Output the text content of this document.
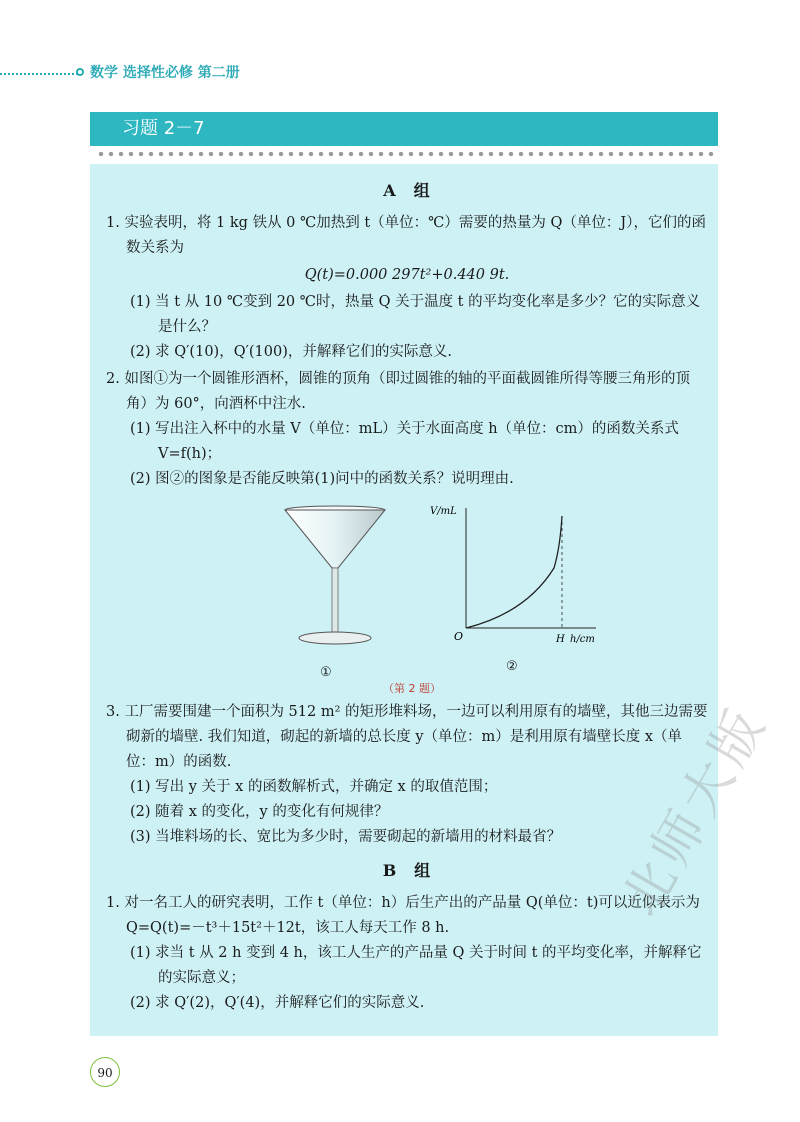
数学 选择性必修 第二册
习题 2－7
A　组
1. 实验表明，将 1 kg 铁从 0 ℃加热到 t（单位：℃）需要的热量为 Q（单位：J），它们的函数关系为
Q(t)=0.000 297t²+0.440 9t.
(1) 当 t 从 10 ℃变到 20 ℃时，热量 Q 关于温度 t 的平均变化率是多少？它的实际意义是什么？
(2) 求 Q′(10)，Q′(100)，并解释它们的实际意义.
2. 如图①为一个圆锥形酒杯，圆锥的顶角（即过圆锥的轴的平面截圆锥所得等腰三角形的顶角）为 60°，向酒杯中注水.
(1) 写出注入杯中的水量 V（单位：mL）关于水面高度 h（单位：cm）的函数关系式V=f(h)；
(2) 图②的图象是否能反映第(1)问中的函数关系？说明理由.
①
V/mL
O	H h/cm
②
（第 2 题）
3. 工厂需要围建一个面积为 512 m² 的矩形堆料场，一边可以利用原有的墙壁，其他三边需要砌新的墙壁. 我们知道，砌起的新墙的总长度 y（单位：m）是利用原有墙壁长度 x（单位：m）的函数.
(1) 写出 y 关于 x 的函数解析式，并确定 x 的取值范围；
(2) 随着 x 的变化，y 的变化有何规律？
(3) 当堆料场的长、宽比为多少时，需要砌起的新墙用的材料最省？
B　组
1. 对一名工人的研究表明，工作 t（单位：h）后生产出的产品量 Q(单位：t)可以近似表示为 Q=Q(t)=－t³＋15t²＋12t，该工人每天工作 8 h.
(1) 求当 t 从 2 h 变到 4 h，该工人生产的产品量 Q 关于时间 t 的平均变化率，并解释它的实际意义；
(2) 求 Q′(2)，Q′(4)，并解释它们的实际意义.
90
北师大版
